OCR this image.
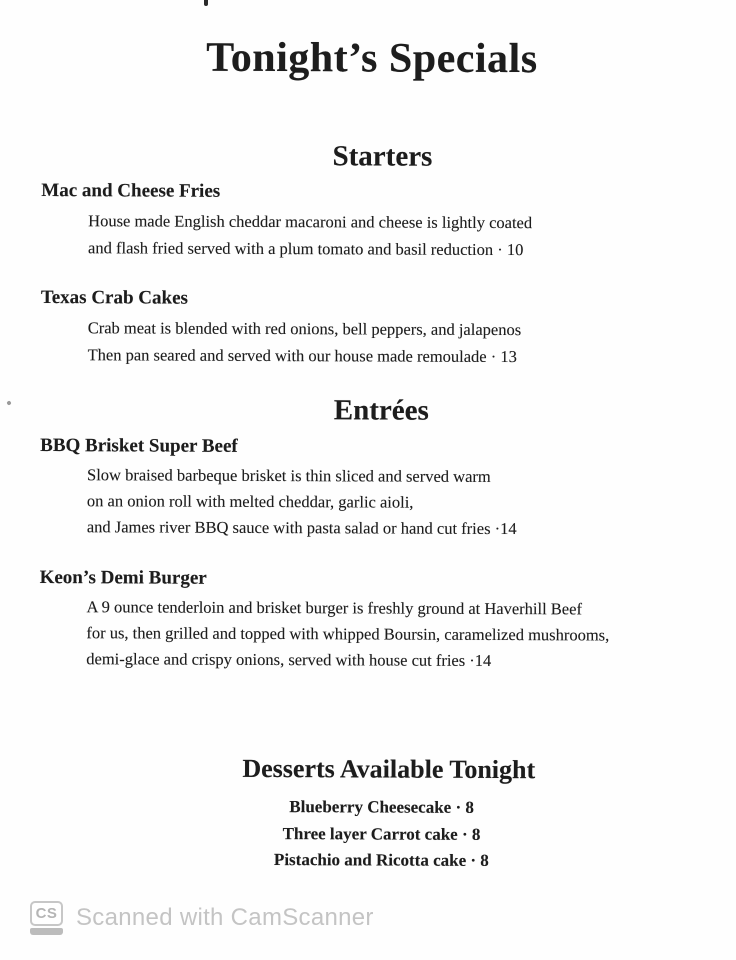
Tonight’s Specials
Starters
Mac and Cheese Fries
House made English cheddar macaroni and cheese is lightly coated
and flash fried served with a plum tomato and basil reduction · 10
Texas Crab Cakes
Crab meat is blended with red onions, bell peppers, and jalapenos
Then pan seared and served with our house made remoulade · 13
Entrées
BBQ Brisket Super Beef
Slow braised barbeque brisket is thin sliced and served warm
on an onion roll with melted cheddar, garlic aioli,
and James river BBQ sauce with pasta salad or hand cut fries ·14
Keon’s Demi Burger
A 9 ounce tenderloin and brisket burger is freshly ground at Haverhill Beef
for us, then grilled and topped with whipped Boursin, caramelized mushrooms,
demi-glace and crispy onions, served with house cut fries ·14
Desserts Available Tonight
Blueberry Cheesecake · 8
Three layer Carrot cake · 8
Pistachio and Ricotta cake · 8
CS Scanned with CamScanner
